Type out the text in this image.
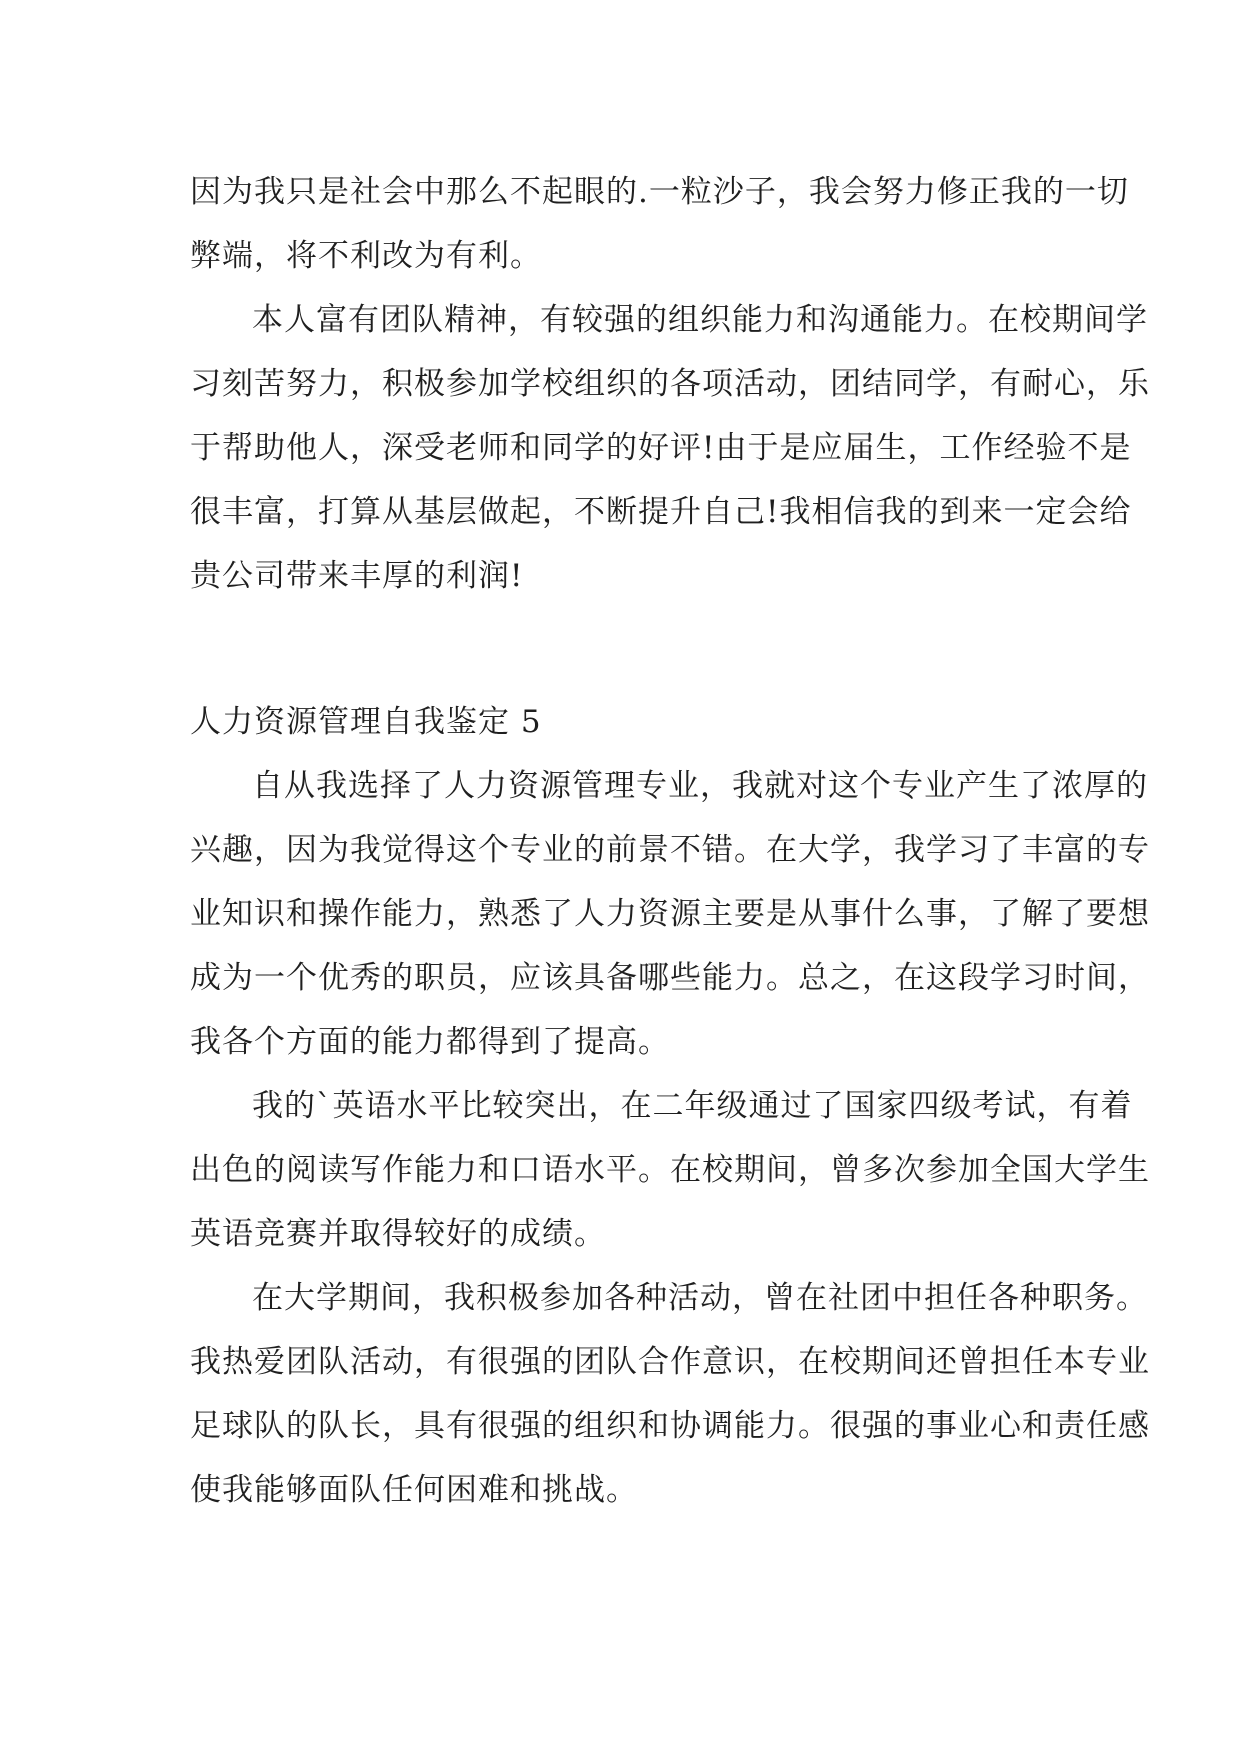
因为我只是社会中那么不起眼的.一粒沙子，我会努力修正我的一切
弊端，将不利改为有利。

本人富有团队精神，有较强的组织能力和沟通能力。在校期间学
习刻苦努力，积极参加学校组织的各项活动，团结同学，有耐心，乐
于帮助他人，深受老师和同学的好评!由于是应届生，工作经验不是
很丰富，打算从基层做起，不断提升自己!我相信我的到来一定会给
贵公司带来丰厚的利润!

人力资源管理自我鉴定 5

自从我选择了人力资源管理专业，我就对这个专业产生了浓厚的
兴趣，因为我觉得这个专业的前景不错。在大学，我学习了丰富的专
业知识和操作能力，熟悉了人力资源主要是从事什么事，了解了要想
成为一个优秀的职员，应该具备哪些能力。总之，在这段学习时间，
我各个方面的能力都得到了提高。

我的`英语水平比较突出，在二年级通过了国家四级考试，有着
出色的阅读写作能力和口语水平。在校期间，曾多次参加全国大学生
英语竞赛并取得较好的成绩。

在大学期间，我积极参加各种活动，曾在社团中担任各种职务。
我热爱团队活动，有很强的团队合作意识，在校期间还曾担任本专业
足球队的队长，具有很强的组织和协调能力。很强的事业心和责任感
使我能够面队任何困难和挑战。
